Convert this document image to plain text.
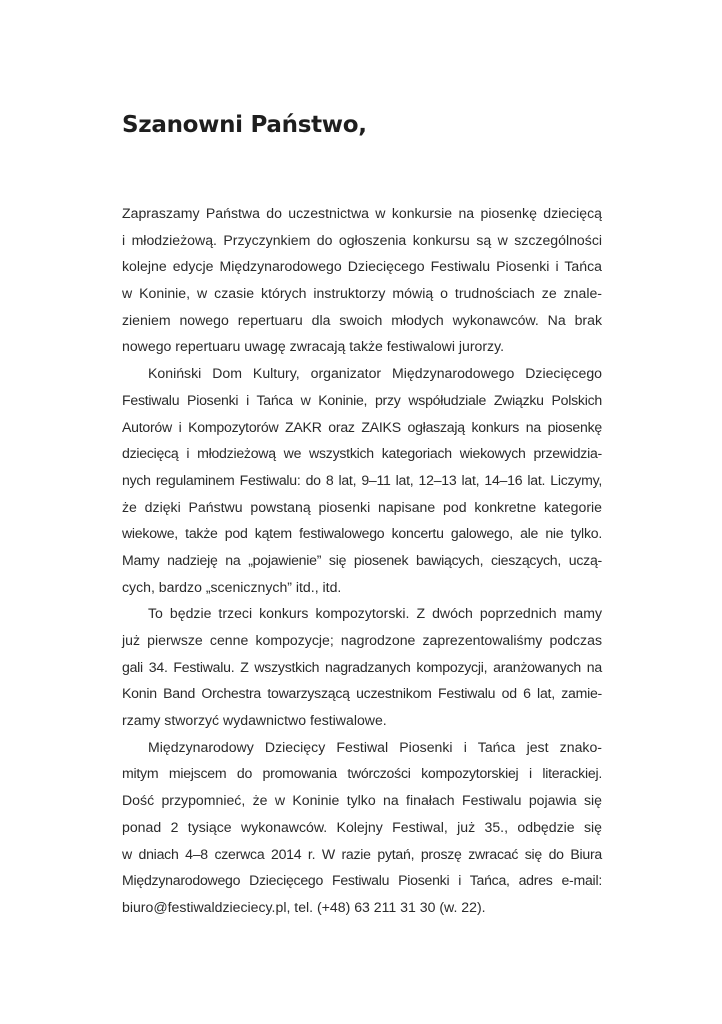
Szanowni Państwo,
Zapraszamy Państwa do uczestnictwa w konkursie na piosenkę dziecięcą
i młodzieżową. Przyczynkiem do ogłoszenia konkursu są w szczególności
kolejne edycje Międzynarodowego Dziecięcego Festiwalu Piosenki i Tańca
w Koninie, w czasie których instruktorzy mówią o trudnościach ze znale-
zieniem nowego repertuaru dla swoich młodych wykonawców. Na brak
nowego repertuaru uwagę zwracają także festiwalowi jurorzy.
Koniński Dom Kultury, organizator Międzynarodowego Dziecięcego
Festiwalu Piosenki i Tańca w Koninie, przy współudziale Związku Polskich
Autorów i Kompozytorów ZAKR oraz ZAIKS ogłaszają konkurs na piosenkę
dziecięcą i młodzieżową we wszystkich kategoriach wiekowych przewidzia-
nych regulaminem Festiwalu: do 8 lat, 9–11 lat, 12–13 lat, 14–16 lat. Liczymy,
że dzięki Państwu powstaną piosenki napisane pod konkretne kategorie
wiekowe, także pod kątem festiwalowego koncertu galowego, ale nie tylko.
Mamy nadzieję na „pojawienie” się piosenek bawiących, cieszących, uczą-
cych, bardzo „scenicznych” itd., itd.
To będzie trzeci konkurs kompozytorski. Z dwóch poprzednich mamy
już pierwsze cenne kompozycje; nagrodzone zaprezentowaliśmy podczas
gali 34. Festiwalu. Z wszystkich nagradzanych kompozycji, aranżowanych na
Konin Band Orchestra towarzyszącą uczestnikom Festiwalu od 6 lat, zamie-
rzamy stworzyć wydawnictwo festiwalowe.
Międzynarodowy Dziecięcy Festiwal Piosenki i Tańca jest znako-
mitym miejscem do promowania twórczości kompozytorskiej i literackiej.
Dość przypomnieć, że w Koninie tylko na finałach Festiwalu pojawia się
ponad 2 tysiące wykonawców. Kolejny Festiwal, już 35., odbędzie się
w dniach 4–8 czerwca 2014 r. W razie pytań, proszę zwracać się do Biura
Międzynarodowego Dziecięcego Festiwalu Piosenki i Tańca, adres e-mail:
biuro@festiwaldzieciecy.pl, tel. (+48) 63 211 31 30 (w. 22).
